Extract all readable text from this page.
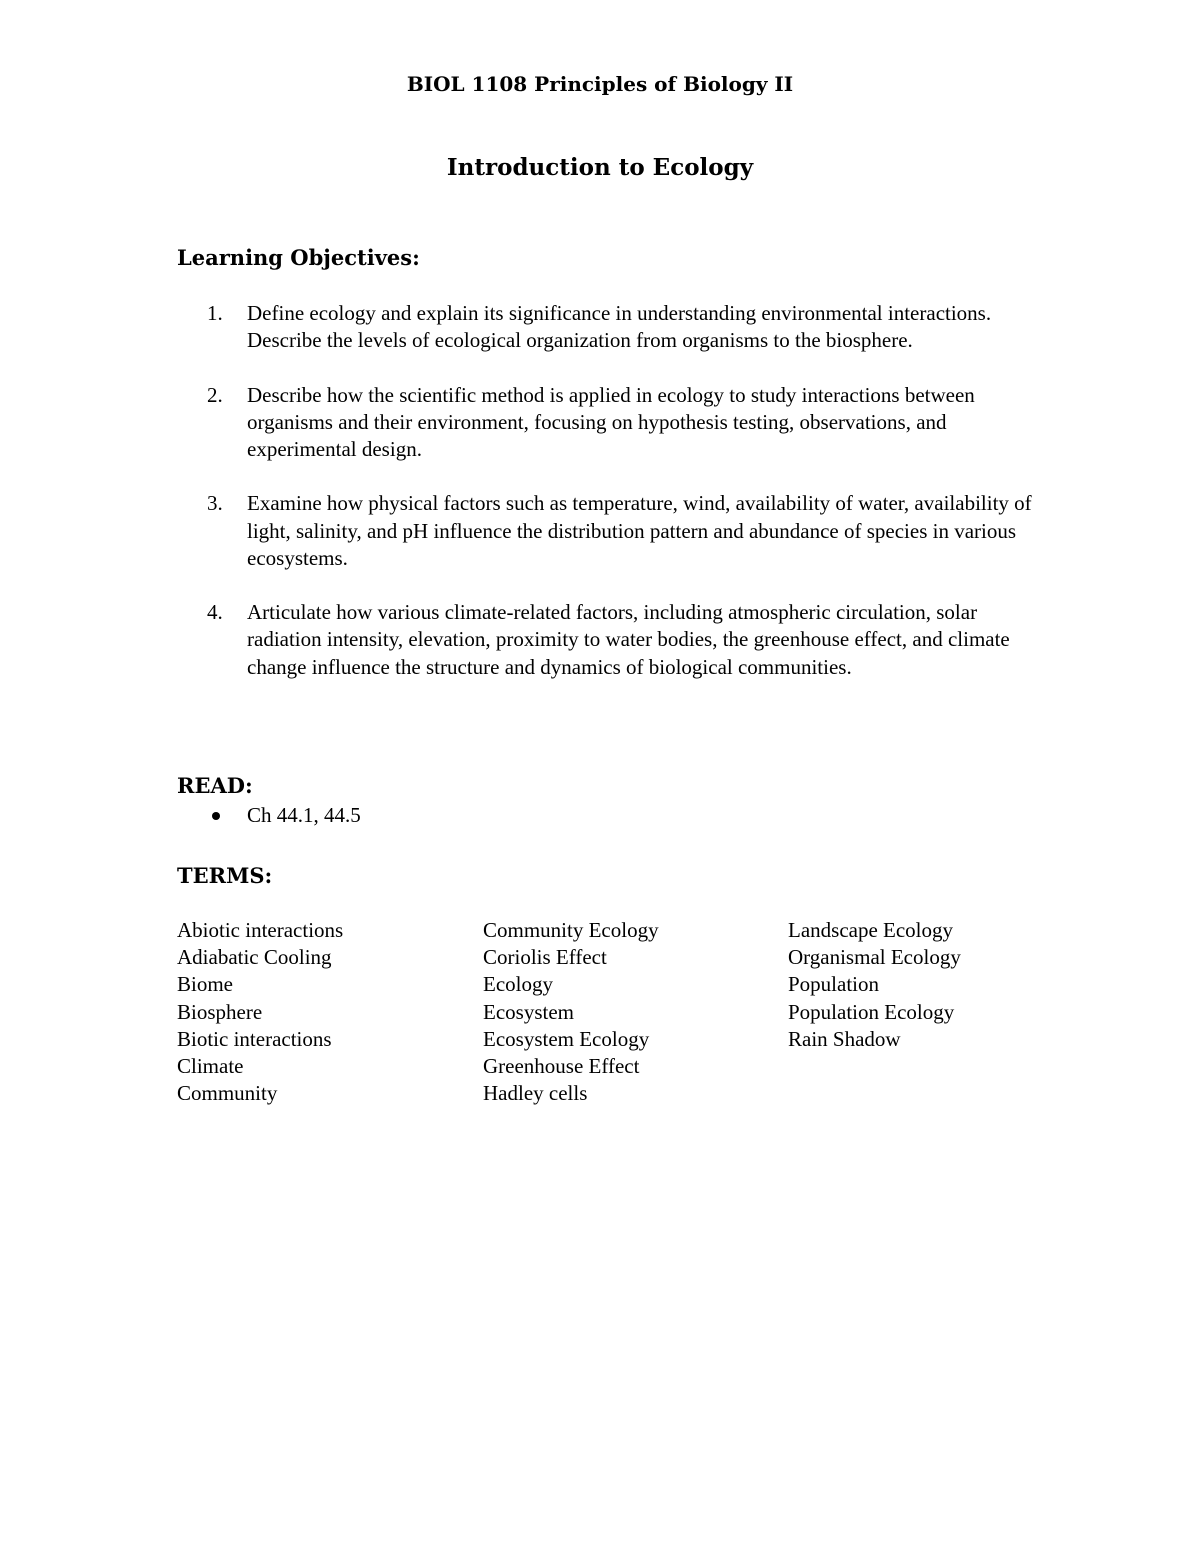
BIOL 1108 Principles of Biology II
Introduction to Ecology
Learning Objectives:
1.	Define ecology and explain its significance in understanding environmental interactions. Describe the levels of ecological organization from organisms to the biosphere.
2.	Describe how the scientific method is applied in ecology to study interactions between organisms and their environment, focusing on hypothesis testing, observations, and experimental design.
3.	Examine how physical factors such as temperature, wind, availability of water, availability of light, salinity, and pH influence the distribution pattern and abundance of species in various ecosystems.
4.	Articulate how various climate-related factors, including atmospheric circulation, solar radiation intensity, elevation, proximity to water bodies, the greenhouse effect, and climate change influence the structure and dynamics of biological communities.
READ:
Ch 44.1, 44.5
TERMS:
Abiotic interactions
Adiabatic Cooling
Biome
Biosphere
Biotic interactions
Climate
Community
Community Ecology
Coriolis Effect
Ecology
Ecosystem
Ecosystem Ecology
Greenhouse Effect
Hadley cells
Landscape Ecology
Organismal Ecology
Population
Population Ecology
Rain Shadow
